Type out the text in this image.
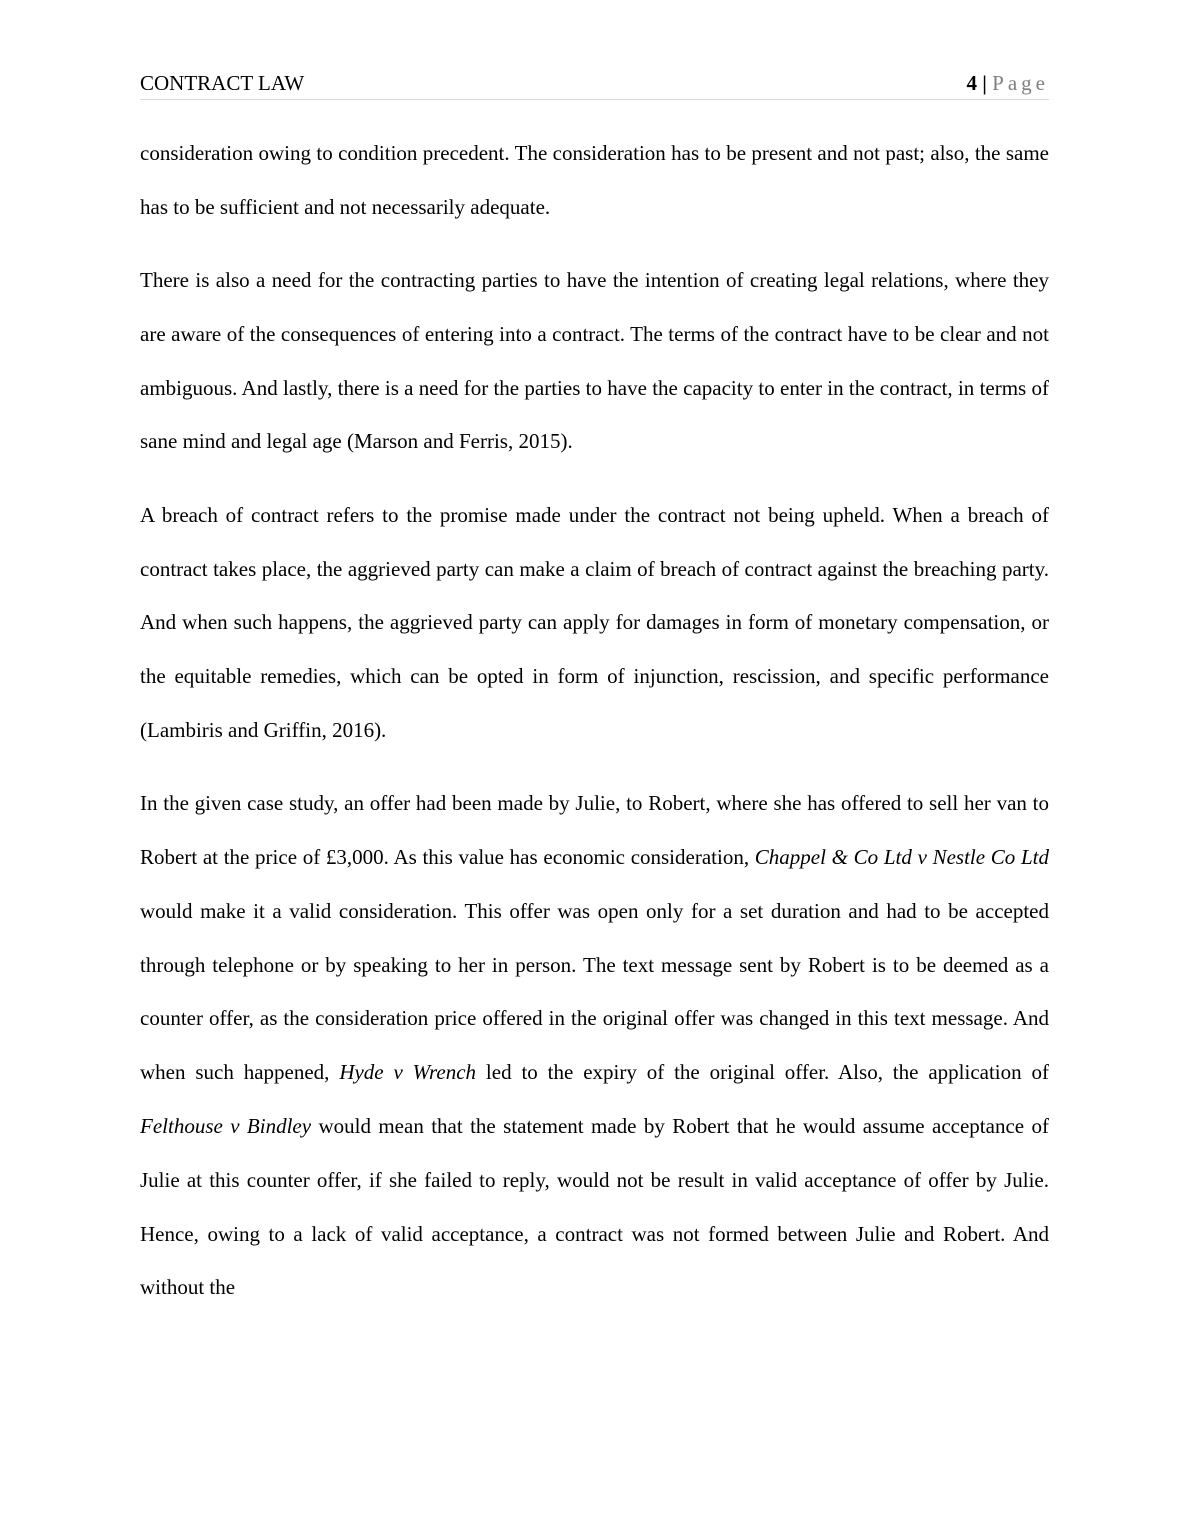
CONTRACT LAW	4 | Page

consideration owing to condition precedent. The consideration has to be present and not past; also, the same has to be sufficient and not necessarily adequate.

There is also a need for the contracting parties to have the intention of creating legal relations, where they are aware of the consequences of entering into a contract. The terms of the contract have to be clear and not ambiguous. And lastly, there is a need for the parties to have the capacity to enter in the contract, in terms of sane mind and legal age (Marson and Ferris, 2015).

A breach of contract refers to the promise made under the contract not being upheld. When a breach of contract takes place, the aggrieved party can make a claim of breach of contract against the breaching party. And when such happens, the aggrieved party can apply for damages in form of monetary compensation, or the equitable remedies, which can be opted in form of injunction, rescission, and specific performance (Lambiris and Griffin, 2016).

In the given case study, an offer had been made by Julie, to Robert, where she has offered to sell her van to Robert at the price of £3,000. As this value has economic consideration, Chappel & Co Ltd v Nestle Co Ltd would make it a valid consideration. This offer was open only for a set duration and had to be accepted through telephone or by speaking to her in person. The text message sent by Robert is to be deemed as a counter offer, as the consideration price offered in the original offer was changed in this text message. And when such happened, Hyde v Wrench led to the expiry of the original offer. Also, the application of Felthouse v Bindley would mean that the statement made by Robert that he would assume acceptance of Julie at this counter offer, if she failed to reply, would not be result in valid acceptance of offer by Julie. Hence, owing to a lack of valid acceptance, a contract was not formed between Julie and Robert. And without the
